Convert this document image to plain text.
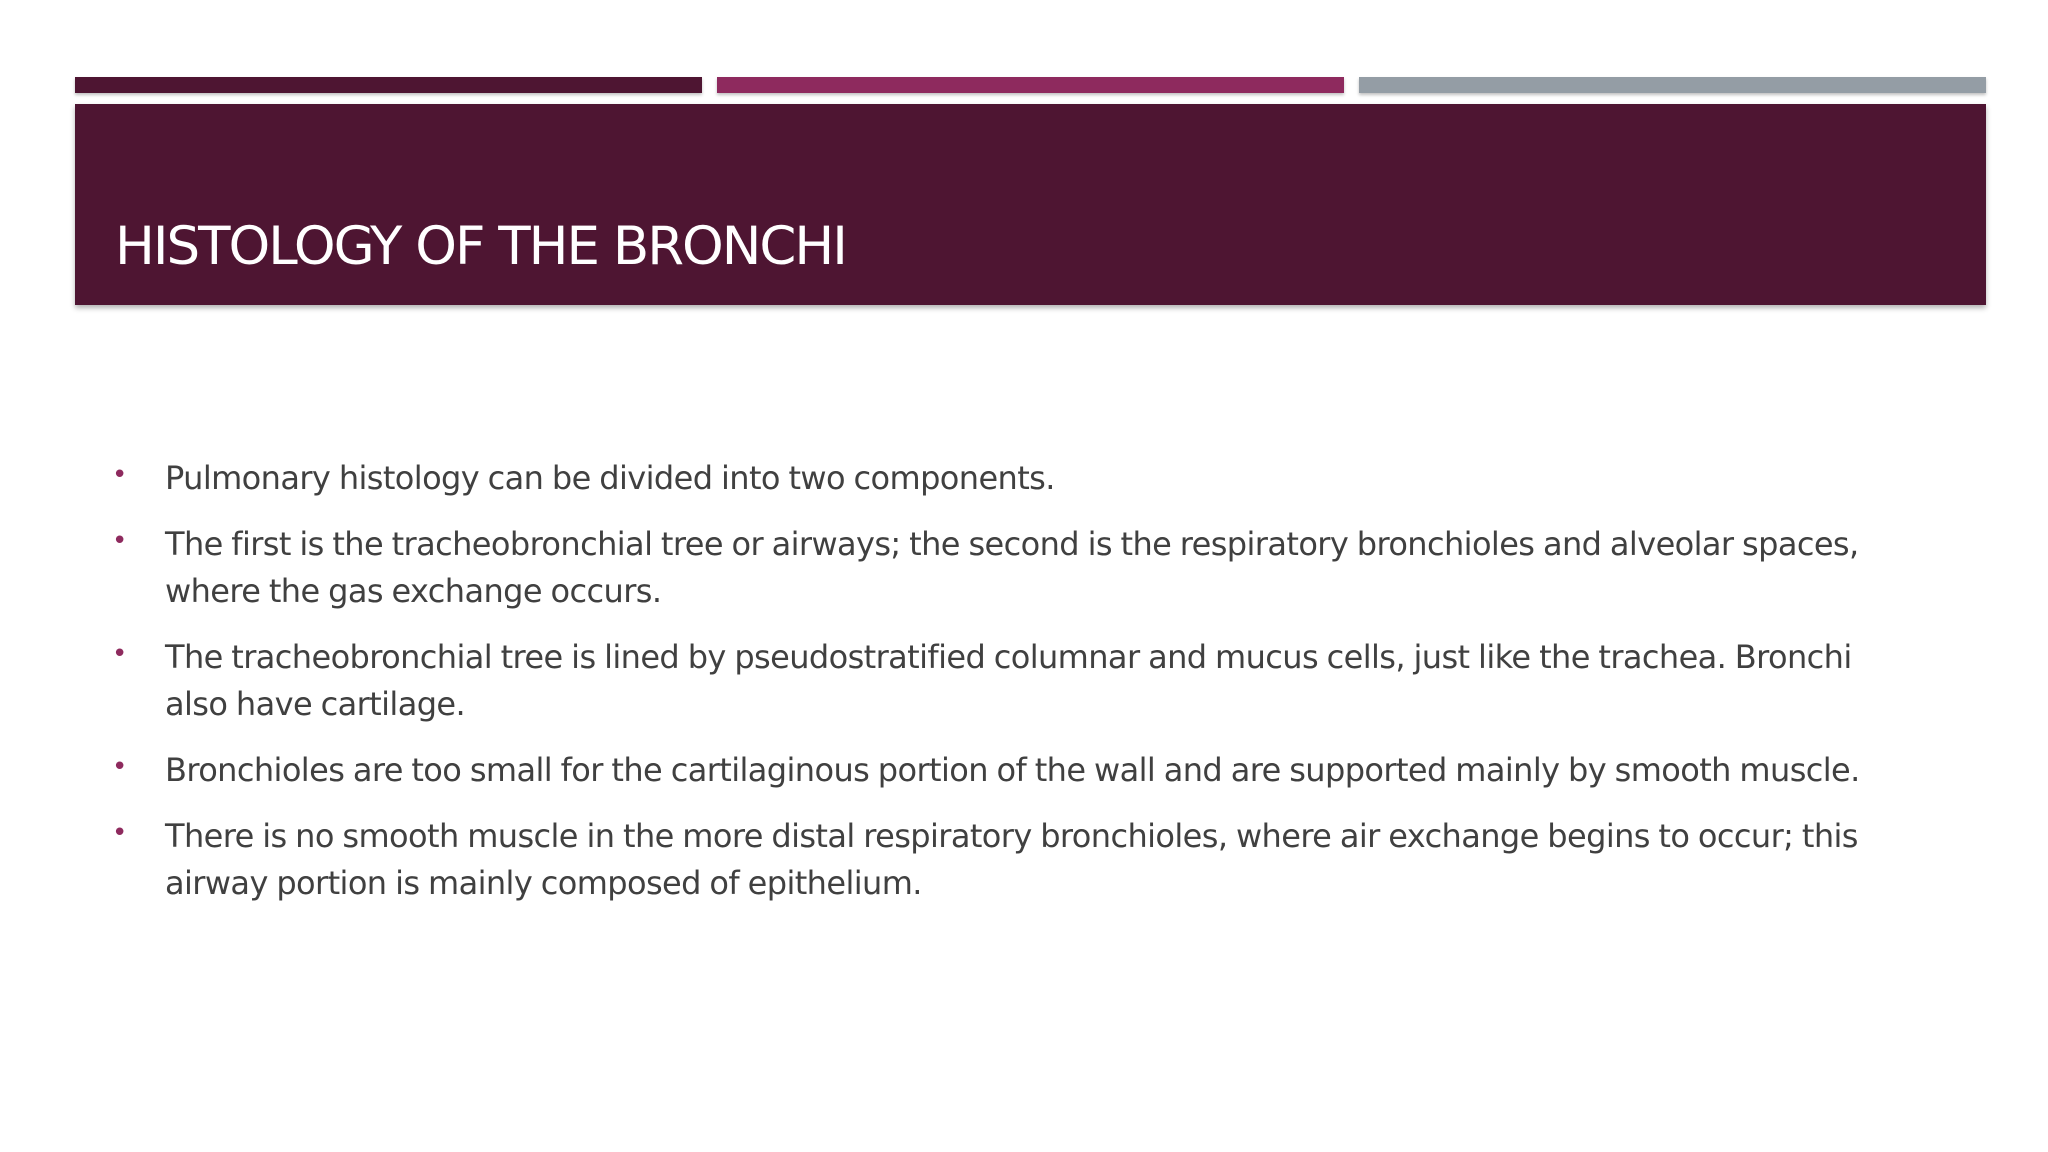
HISTOLOGY OF THE BRONCHI
• Pulmonary histology can be divided into two components.
• The first is the tracheobronchial tree or airways; the second is the respiratory bronchioles and alveolar spaces, where the gas exchange occurs.
• The tracheobronchial tree is lined by pseudostratified columnar and mucus cells, just like the trachea. Bronchi also have cartilage.
• Bronchioles are too small for the cartilaginous portion of the wall and are supported mainly by smooth muscle.
• There is no smooth muscle in the more distal respiratory bronchioles, where air exchange begins to occur; this airway portion is mainly composed of epithelium.
